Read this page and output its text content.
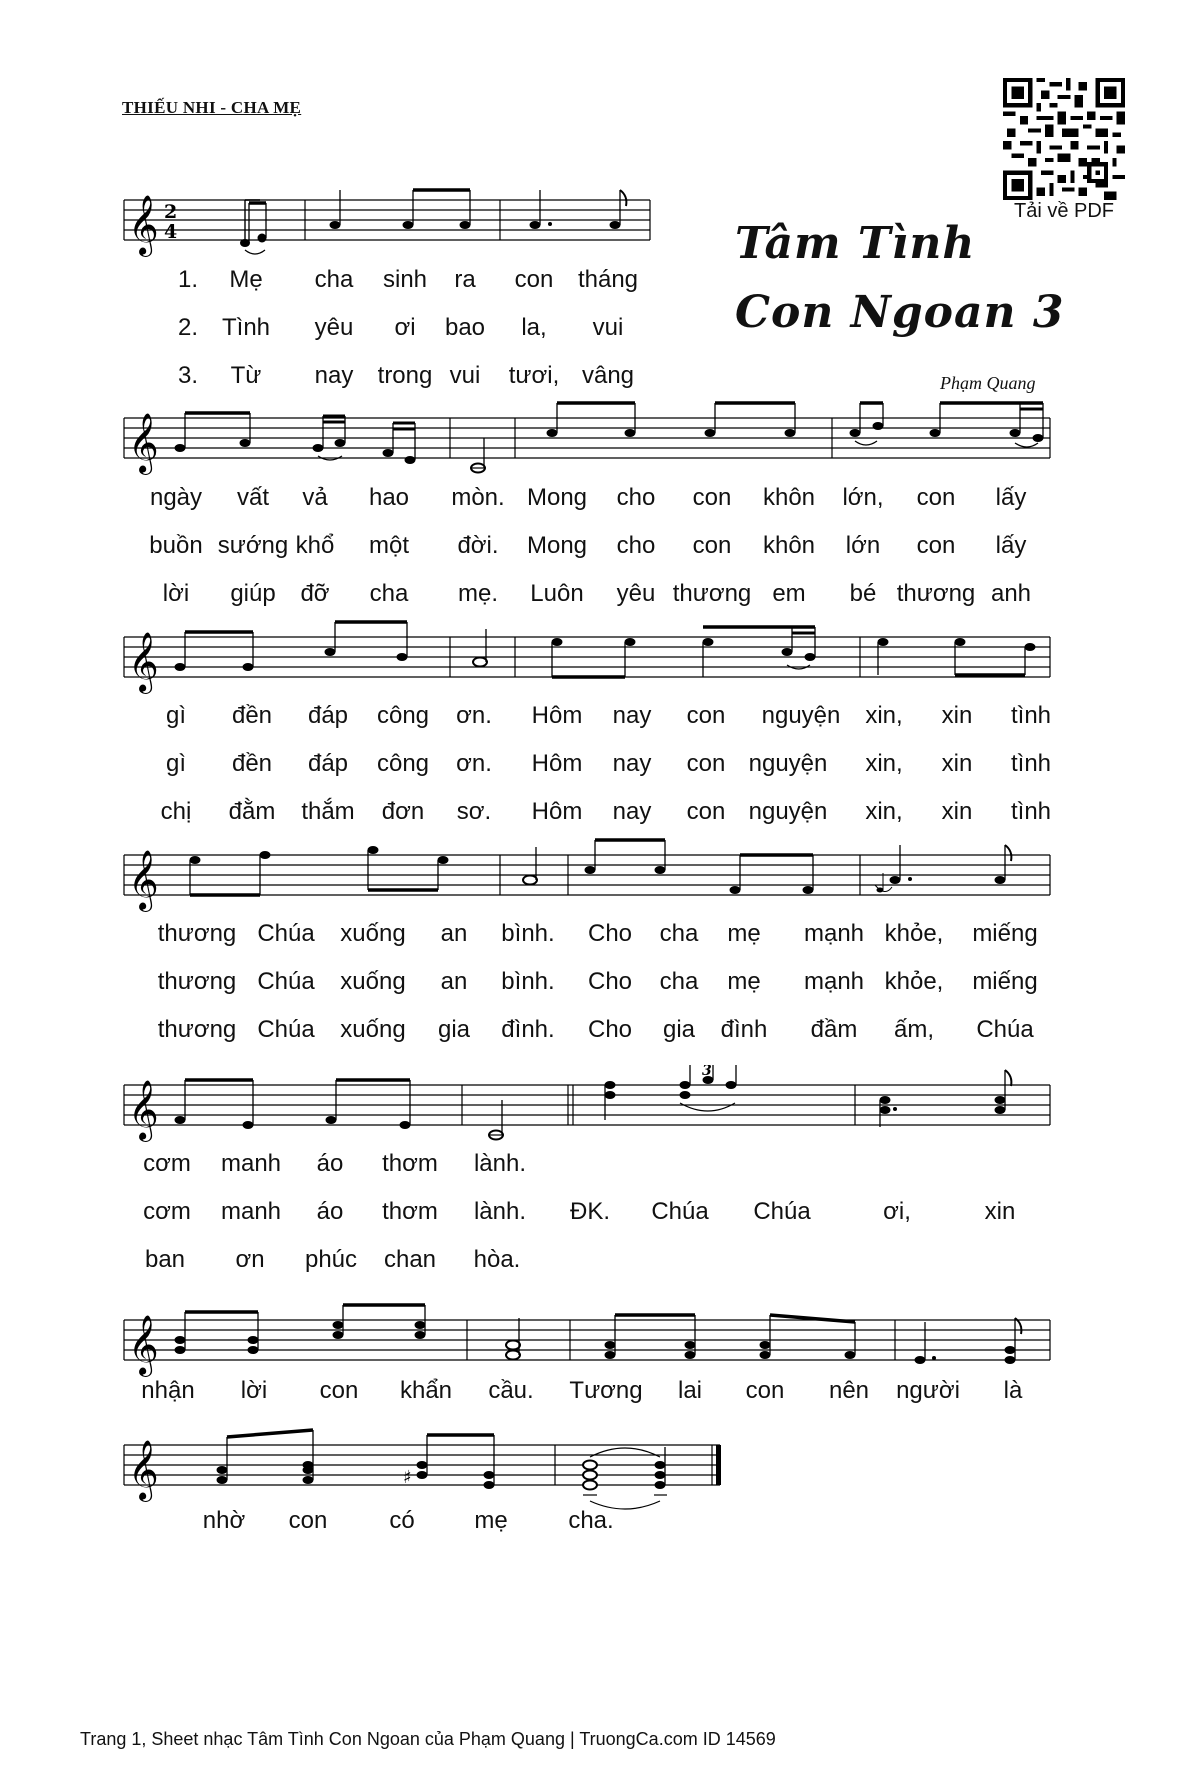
THIẾU NHI - CHA MẸ
Tải về PDF
Tâm Tình
Con Ngoan 3
Phạm Quang
𝄞 2
4
1. Mẹ cha sinh ra con tháng
2. Tình yêu ơi bao la, vui
3. Từ nay trong vui tươi, vâng
𝄞
ngày vất vả hao mòn. Mong cho con khôn lớn, con lấy
buồn sướng khổ một đời. Mong cho con khôn lớn con lấy
lời giúp đỡ cha mẹ. Luôn yêu thương em bé thương anh
𝄞
gì đền đáp công ơn. Hôm nay con nguyện xin, xin tình
gì đền đáp công ơn. Hôm nay con nguyện xin, xin tình
chị đằm thắm đơn sơ. Hôm nay con nguyện xin, xin tình
𝄞
thương Chúa xuống an bình. Cho cha mẹ mạnh khỏe, miếng
thương Chúa xuống an bình. Cho cha mẹ mạnh khỏe, miếng
thương Chúa xuống gia đình. Cho gia đình đầm ấm, Chúa
𝄞
3
cơm manh áo thơm lành.
cơm manh áo thơm lành. ĐK. Chúa Chúa	ơi,	xin
ban ơn phúc chan hòa.
𝄞
nhận lời con khẩn cầu. Tương lai con nên người là
𝄞	♯
nhờ con	có mẹ	cha.
Trang 1, Sheet nhạc Tâm Tình Con Ngoan của Phạm Quang | TruongCa.com ID 14569
